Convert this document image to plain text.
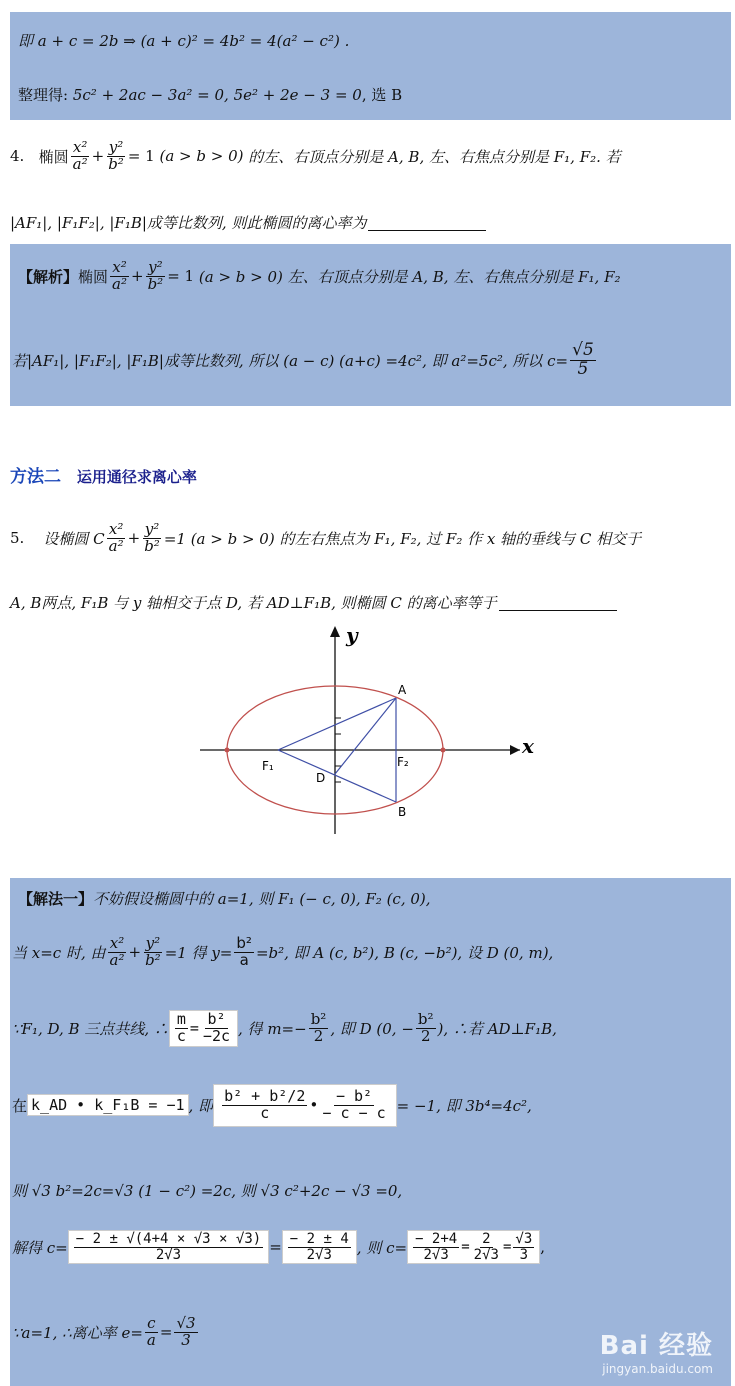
即 a + c = 2b ⇒ (a + c)² = 4b² = 4(a² − c²) .
整理得:
5c² + 2ac − 3a² = 0, 5e² + 2e − 3 = 0 , 选 B
4.
椭圆 $\frac{\text{x²}}{\text{a²}} + \frac{\text{y²}}{\text{b²}} = 1$
(a > b > 0)
的左、右顶点分别是 A, B, 左、右焦点分别是 F₁, F₂. 若
|AF₁|, |F₁F₂|, |F₁B|成等比数列, 则此椭圆的离心率为
【解析】 椭圆 $\frac{\text{x²}}{\text{a²}} + \frac{\text{y²}}{\text{b²}} = 1$
(a > b > 0) 左、右顶点分别是 A, B, 左、右焦点分别是 F₁, F₂
若|AF₁|, |F₁F₂|, |F₁B|成等比数列, 所以 (a − c) (a+c) =4c², 即 a²=5c², 所以 $c= \frac{√5}{5}$
方法二 运用通径求离心率
5.
设椭圆 C $\frac{\text{x²}}{\text{a²}} + \frac{\text{y²}}{\text{b²}} =1$ (a > b > 0) 的左右焦点为 F₁, F₂, 过 F₂ 作 x 轴的垂线与 C 相交于
A, B两点, F₁B 与 y 轴相交于点 D, 若 AD⊥F₁B, 则椭圆 C 的离心率等于
y
x
A
B
D
F₁	F₂
【解法一】 不妨假设椭圆中的 a=1, 则 F₁ (− c, 0), F₂ (c, 0),
当 x=c 时, 由 $\frac{\text{x²}}{\text{a²}} + \frac{\text{y²}}{\text{b²}} =1$ 得 $y= \frac{\text{b²}}{a} =b^2$, 即 A (c, b²), B (c, −b²), 设 D (0, m),
∵F₁, D, B 三点共线, ∴ $\frac{m}{c} = \frac{\text{b²}}{-2c}$ , 得 $m=- \frac{\text{b²}}{2}$ , 即 D (0, − $\frac{\text{b²}}{2}$ ), ∴若 AD⊥F₁B,
在 k_AD • k_F₁B = −1 , 即 $\frac{\text{b² + b²/2}}{c}$ • $\frac{\text{− b²}}{- c - c} = -1$, 即 3b⁴=4c²,
则 √3 b²=2c=√3 (1 − c²) =2c, 则 √3 c²+2c − √3 =0,
解得 $c= \frac{- 2 \pm √(4+4 \times √3 \times √3)}{2√3} = \frac{- 2 \pm 4}{2√3}$ , 则 $c= \frac{- 2+4}{2√3} = \frac{2}{2√3} = \frac{√3}{3}$ ,
∵a=1, ∴离心率 $e= \frac{c}{a} = \frac{√3}{3}$	Bai 经验
jingyan.baidu.com
